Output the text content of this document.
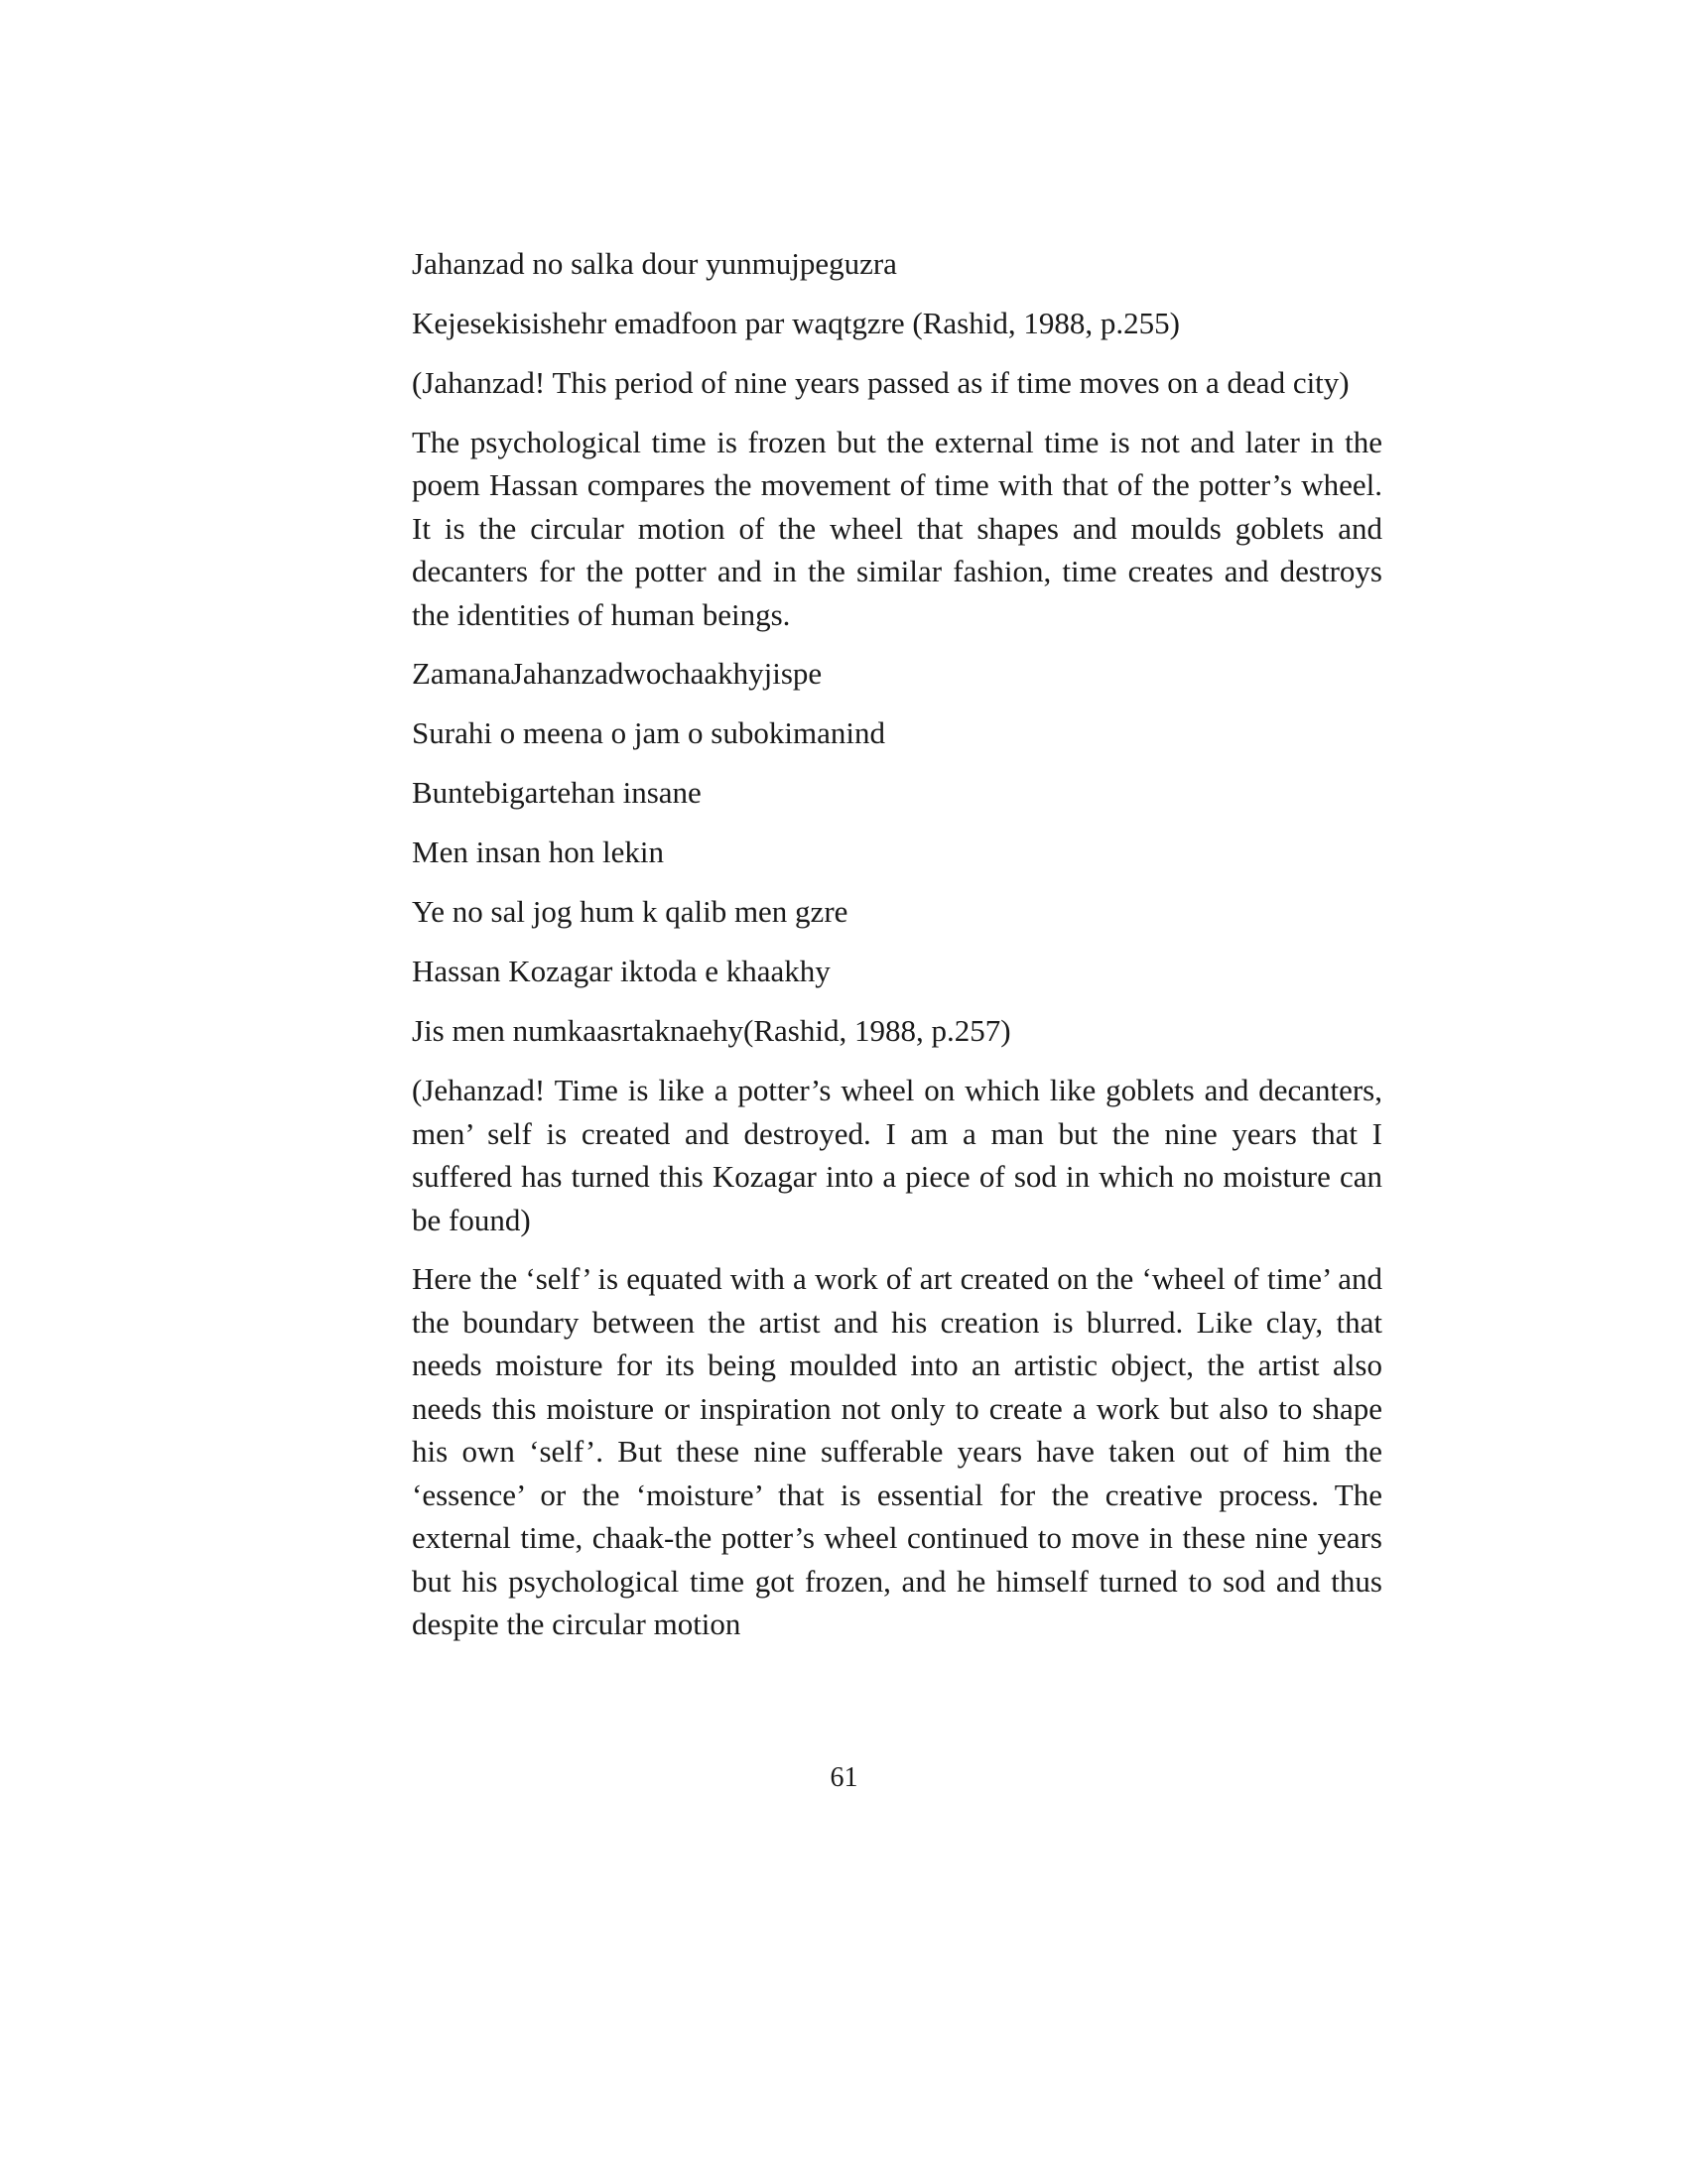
Jahanzad no salka dour yunmujpeguzra

Kejesekisishehr emadfoon par waqtgzre (Rashid, 1988, p.255)

(Jahanzad! This period of nine years passed as if time moves on a dead city)

The psychological time is frozen but the external time is not and later in the poem Hassan compares the movement of time with that of the potter’s wheel. It is the circular motion of the wheel that shapes and moulds goblets and decanters for the potter and in the similar fashion, time creates and destroys the identities of human beings.

ZamanaJahanzadwochaakhyjispe

Surahi o meena o jam o subokimanind

Buntebigartehan insane

Men insan hon lekin

Ye no sal jog hum k qalib men gzre

Hassan Kozagar iktoda e khaakhy

Jis men numkaasrtaknaehy(Rashid, 1988, p.257)

(Jehanzad! Time is like a potter’s wheel on which like goblets and decanters, men’ self is created and destroyed. I am a man but the nine years that I suffered has turned this Kozagar into a piece of sod in which no moisture can be found)

Here the ‘self’ is equated with a work of art created on the ‘wheel of time’ and the boundary between the artist and his creation is blurred. Like clay, that needs moisture for its being moulded into an artistic object, the artist also needs this moisture or inspiration not only to create a work but also to shape his own ‘self’. But these nine sufferable years have taken out of him the ‘essence’ or the ‘moisture’ that is essential for the creative process. The external time, chaak-the potter’s wheel continued to move in these nine years but his psychological time got frozen, and he himself turned to sod and thus despite the circular motion

61
